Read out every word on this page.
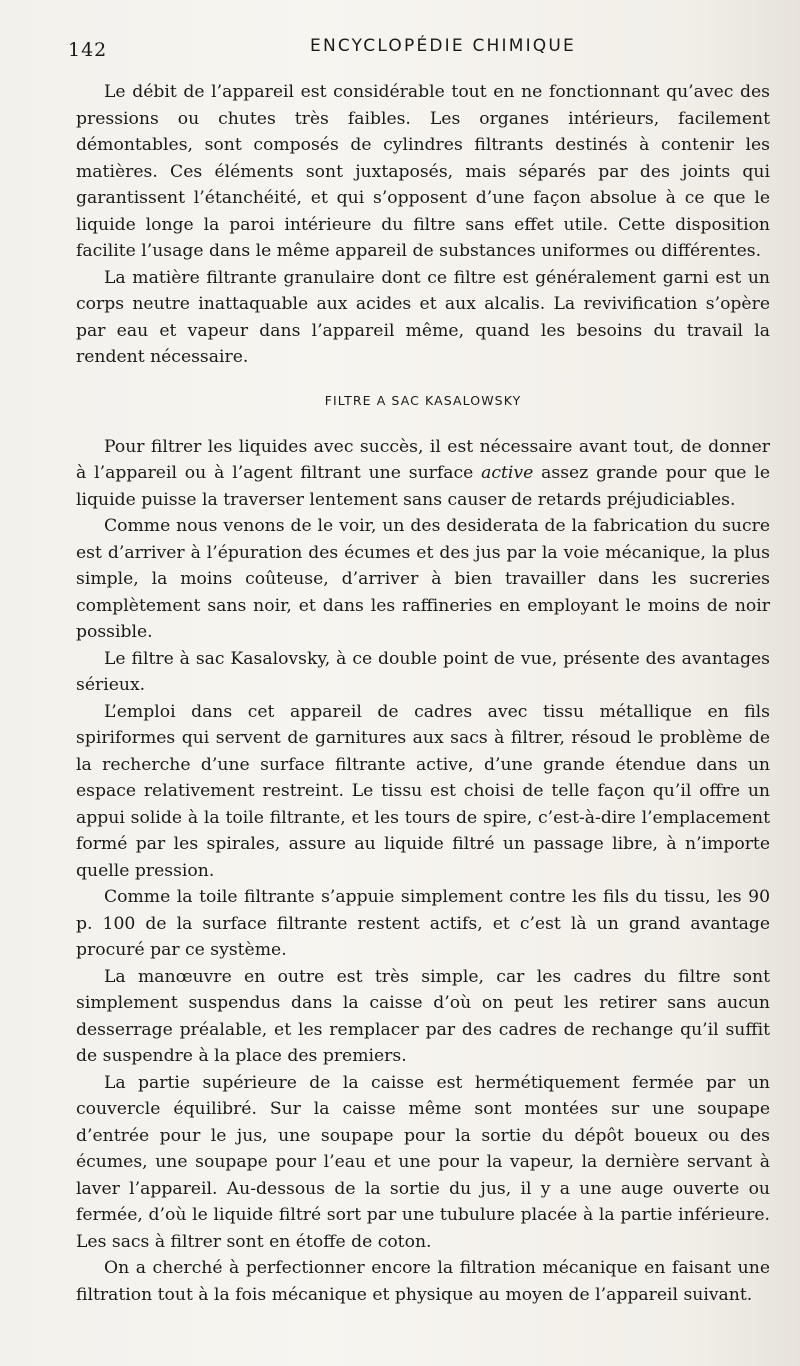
142	ENCYCLOPÉDIE CHIMIQUE

Le débit de l’appareil est considérable tout en ne fonctionnant qu’avec des pressions ou chutes très faibles. Les organes intérieurs, facilement démontables, sont composés de cylindres filtrants destinés à contenir les matières. Ces éléments sont juxtaposés, mais séparés par des joints qui garantissent l’étanchéité, et qui s’opposent d’une façon absolue à ce que le liquide longe la paroi intérieure du filtre sans effet utile. Cette disposition facilite l’usage dans le même appareil de substances uniformes ou différentes.

La matière filtrante granulaire dont ce filtre est généralement garni est un corps neutre inattaquable aux acides et aux alcalis. La revivification s’opère par eau et vapeur dans l’appareil même, quand les besoins du travail la rendent nécessaire.

FILTRE A SAC KASALOWSKY

Pour filtrer les liquides avec succès, il est nécessaire avant tout, de donner à l’appareil ou à l’agent filtrant une surface active assez grande pour que le liquide puisse la traverser lentement sans causer de retards préjudiciables.

Comme nous venons de le voir, un des desiderata de la fabrication du sucre est d’arriver à l’épuration des écumes et des jus par la voie mécanique, la plus simple, la moins coûteuse, d’arriver à bien travailler dans les sucreries complètement sans noir, et dans les raffineries en employant le moins de noir possible.

Le filtre à sac Kasalovsky, à ce double point de vue, présente des avantages sérieux.

L’emploi dans cet appareil de cadres avec tissu métallique en fils spiriformes qui servent de garnitures aux sacs à filtrer, résoud le problème de la recherche d’une surface filtrante active, d’une grande étendue dans un espace relativement restreint. Le tissu est choisi de telle façon qu’il offre un appui solide à la toile filtrante, et les tours de spire, c’est-à-dire l’emplacement formé par les spirales, assure au liquide filtré un passage libre, à n’importe quelle pression.

Comme la toile filtrante s’appuie simplement contre les fils du tissu, les 90 p. 100 de la surface filtrante restent actifs, et c’est là un grand avantage procuré par ce système.

La manœuvre en outre est très simple, car les cadres du filtre sont simplement suspendus dans la caisse d’où on peut les retirer sans aucun desserrage préalable, et les remplacer par des cadres de rechange qu’il suffit de suspendre à la place des premiers.

La partie supérieure de la caisse est hermétiquement fermée par un couvercle équilibré. Sur la caisse même sont montées sur une soupape d’entrée pour le jus, une soupape pour la sortie du dépôt boueux ou des écumes, une soupape pour l’eau et une pour la vapeur, la dernière servant à laver l’appareil. Au-dessous de la sortie du jus, il y a une auge ouverte ou fermée, d’où le liquide filtré sort par une tubulure placée à la partie inférieure. Les sacs à filtrer sont en étoffe de coton.

On a cherché à perfectionner encore la filtration mécanique en faisant une filtration tout à la fois mécanique et physique au moyen de l’appareil suivant.
